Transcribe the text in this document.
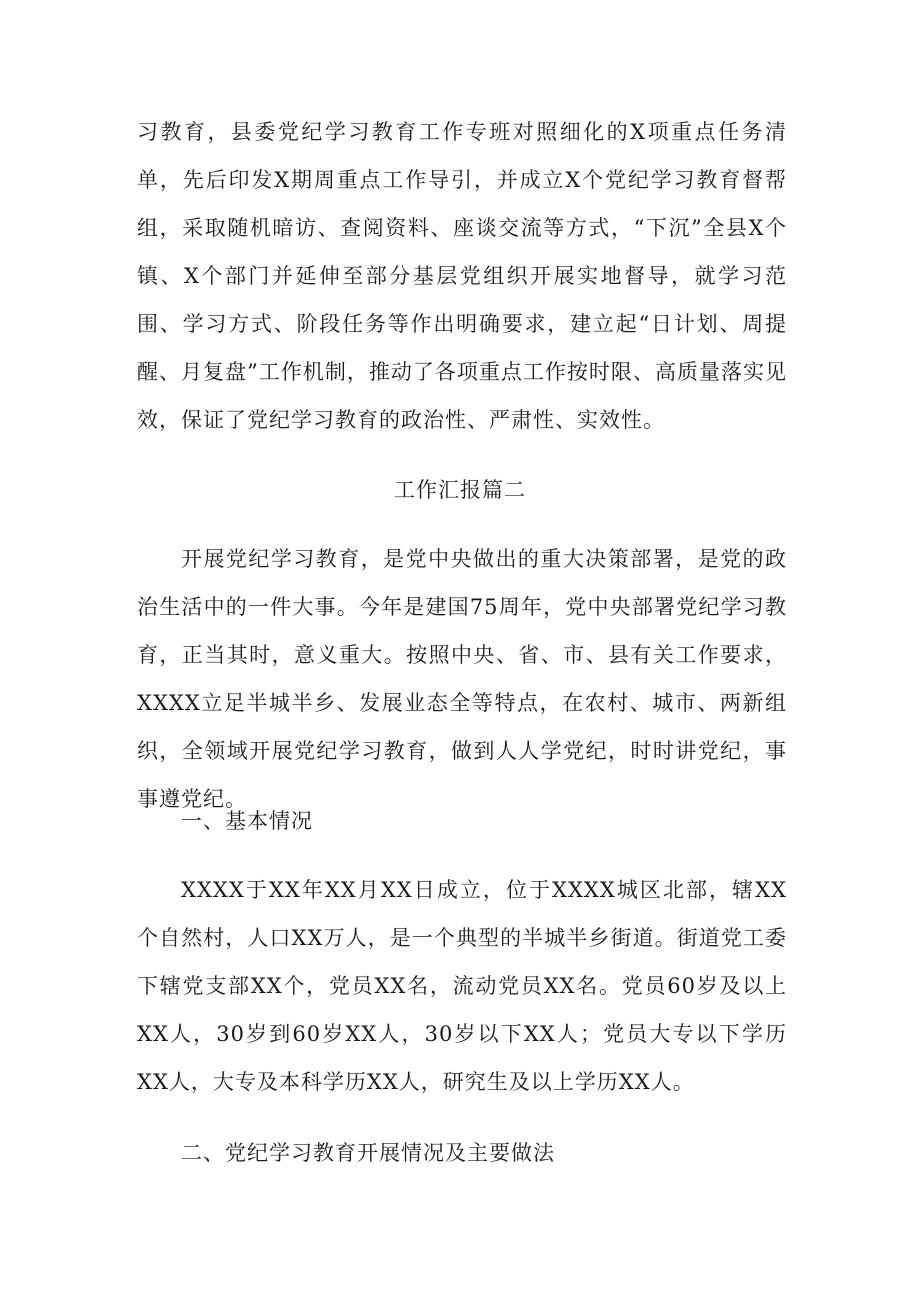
习教育，县委党纪学习教育工作专班对照细化的X项重点任务清单，先后印发X期周重点工作导引，并成立X个党纪学习教育督帮组，采取随机暗访、查阅资料、座谈交流等方式，“下沉”全县X个镇、X个部门并延伸至部分基层党组织开展实地督导，就学习范围、学习方式、阶段任务等作出明确要求，建立起“日计划、周提醒、月复盘”工作机制，推动了各项重点工作按时限、高质量落实见效，保证了党纪学习教育的政治性、严肃性、实效性。

工作汇报篇二

开展党纪学习教育，是党中央做出的重大决策部署，是党的政治生活中的一件大事。今年是建国75周年，党中央部署党纪学习教育，正当其时，意义重大。按照中央、省、市、县有关工作要求，XXXX立足半城半乡、发展业态全等特点，在农村、城市、两新组织，全领域开展党纪学习教育，做到人人学党纪，时时讲党纪，事事遵党纪。

一、基本情况

XXXX于XX年XX月XX日成立，位于XXXX城区北部，辖XX个自然村，人口XX万人，是一个典型的半城半乡街道。街道党工委下辖党支部XX个，党员XX名，流动党员XX名。党员60岁及以上XX人，30岁到60岁XX人，30岁以下XX人；党员大专以下学历XX人，大专及本科学历XX人，研究生及以上学历XX人。

二、党纪学习教育开展情况及主要做法
